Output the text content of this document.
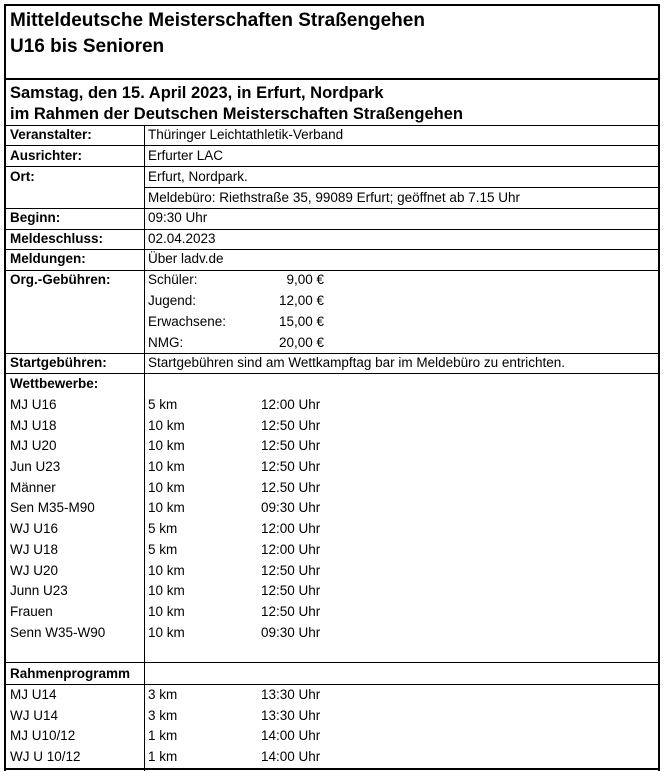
Mitteldeutsche Meisterschaften Straßengehen
U16 bis Senioren
Samstag, den 15. April 2023, in Erfurt, Nordpark
im Rahmen der Deutschen Meisterschaften Straßengehen
Veranstalter:	Thüringer Leichtathletik-Verband
Ausrichter:	Erfurter LAC
Ort:	Erfurt, Nordpark.
Meldebüro: Riethstraße 35, 99089 Erfurt; geöffnet ab 7.15 Uhr
Beginn:	09:30 Uhr
Meldeschluss:	02.04.2023
Meldungen:	Über ladv.de
Org.-Gebühren:	Schüler:	9,00 €
Jugend:	12,00 €
Erwachsene:	15,00 €
NMG:	20,00 €
Startgebühren:	Startgebühren sind am Wettkampftag bar im Meldebüro zu entrichten.
Wettbewerbe:
MJ U16	5 km	12:00 Uhr
MJ U18	10 km	12:50 Uhr
MJ U20	10 km	12:50 Uhr
Jun U23	10 km	12:50 Uhr
Männer	10 km	12.50 Uhr
Sen M35-M90	10 km	09:30 Uhr
WJ U16	5 km	12:00 Uhr
WJ U18	5 km	12:00 Uhr
WJ U20	10 km	12:50 Uhr
Junn U23	10 km	12:50 Uhr
Frauen	10 km	12:50 Uhr
Senn W35-W90	10 km	09:30 Uhr
Rahmenprogramm
MJ U14	3 km	13:30 Uhr
WJ U14	3 km	13:30 Uhr
MJ U10/12	1 km	14:00 Uhr
WJ U 10/12	1 km	14:00 Uhr
